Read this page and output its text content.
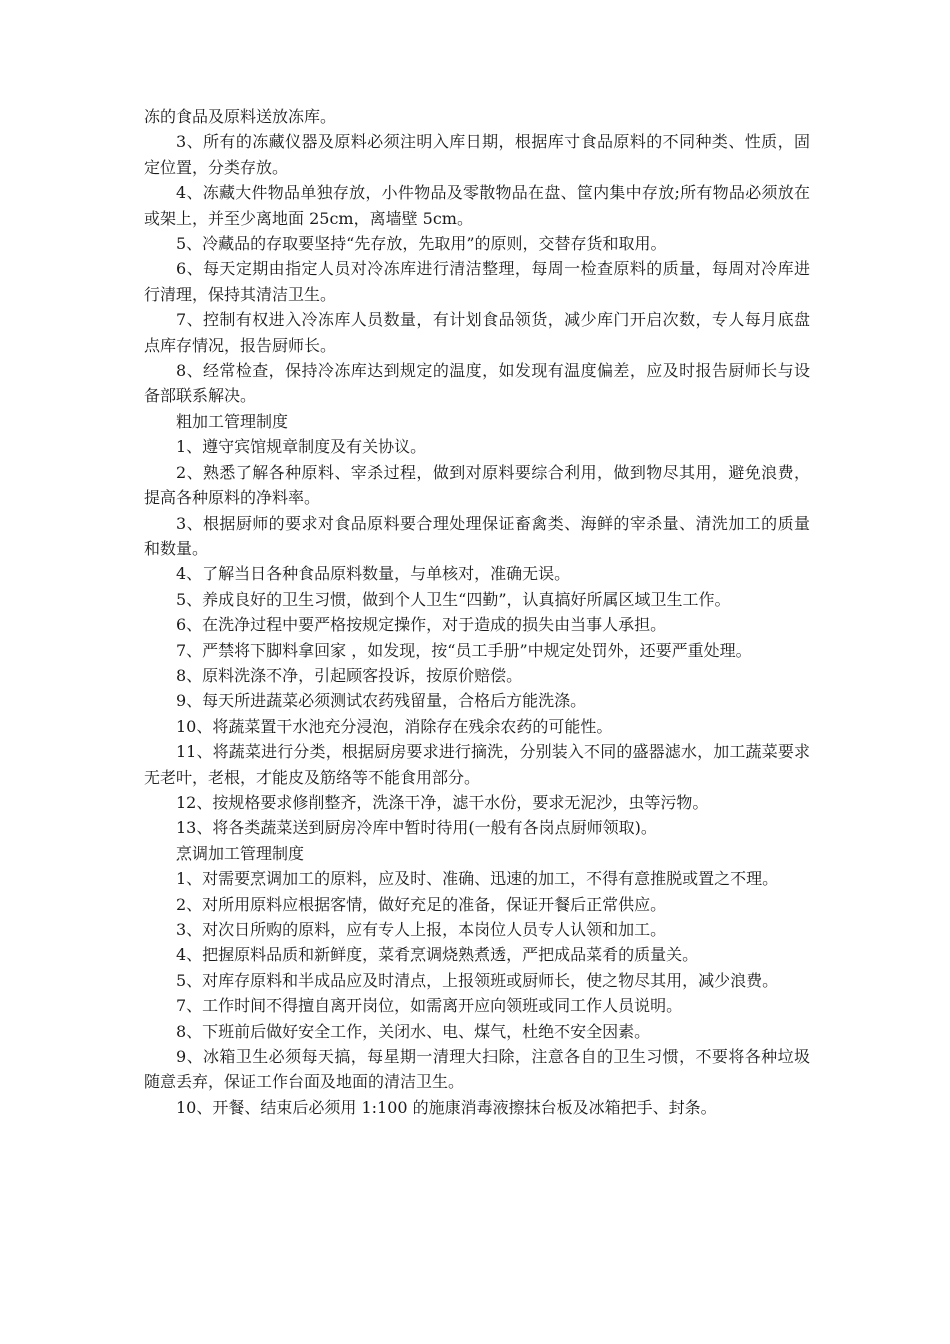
冻的食品及原料送放冻库。

3、所有的冻藏仪器及原料必须注明入库日期，根据库寸食品原料的不同种类、性质，固定位置，分类存放。

4、冻藏大件物品单独存放，小件物品及零散物品在盘、筐内集中存放;所有物品必须放在或架上，并至少离地面 25cm，离墙壁 5cm。

5、冷藏品的存取要坚持“先存放，先取用”的原则，交替存货和取用。

6、每天定期由指定人员对冷冻库进行清洁整理，每周一检查原料的质量，每周对冷库进行清理，保持其清洁卫生。

7、控制有权进入冷冻库人员数量，有计划食品领货，减少库门开启次数，专人每月底盘点库存情况，报告厨师长。

8、经常检查，保持冷冻库达到规定的温度，如发现有温度偏差，应及时报告厨师长与设备部联系解决。

粗加工管理制度

1、遵守宾馆规章制度及有关协议。

2、熟悉了解各种原料、宰杀过程，做到对原料要综合利用，做到物尽其用，避免浪费，提高各种原料的净料率。

3、根据厨师的要求对食品原料要合理处理保证畜禽类、海鲜的宰杀量、清洗加工的质量和数量。

4、了解当日各种食品原料数量，与单核对，准确无误。

5、养成良好的卫生习惯，做到个人卫生“四勤”，认真搞好所属区域卫生工作。

6、在洗净过程中要严格按规定操作，对于造成的损失由当事人承担。

7、严禁将下脚料拿回家 ，如发现，按“员工手册”中规定处罚外，还要严重处理。

8、原料洗涤不净，引起顾客投诉，按原价赔偿。

9、每天所进蔬菜必须测试农药残留量，合格后方能洗涤。

10、将蔬菜置干水池充分浸泡，消除存在残余农药的可能性。

11、将蔬菜进行分类，根据厨房要求进行摘洗，分别装入不同的盛器滤水，加工蔬菜要求无老叶，老根，才能皮及筋络等不能食用部分。

12、按规格要求修削整齐，洗涤干净，滤干水份，要求无泥沙，虫等污物。

13、将各类蔬菜送到厨房冷库中暂时待用(一般有各岗点厨师领取)。

烹调加工管理制度

1、对需要烹调加工的原料，应及时、准确、迅速的加工，不得有意推脱或置之不理。

2、对所用原料应根据客情，做好充足的准备，保证开餐后正常供应。

3、对次日所购的原料，应有专人上报，本岗位人员专人认领和加工。

4、把握原料品质和新鲜度，菜肴烹调烧熟煮透，严把成品菜肴的质量关。

5、对库存原料和半成品应及时清点，上报领班或厨师长，使之物尽其用，减少浪费。

7、工作时间不得擅自离开岗位，如需离开应向领班或同工作人员说明。

8、下班前后做好安全工作，关闭水、电、煤气，杜绝不安全因素。

9、冰箱卫生必须每天搞，每星期一清理大扫除，注意各自的卫生习惯，不要将各种垃圾随意丢弃，保证工作台面及地面的清洁卫生。

10、开餐、结束后必须用 1:100 的施康消毒液擦抹台板及冰箱把手、封条。
